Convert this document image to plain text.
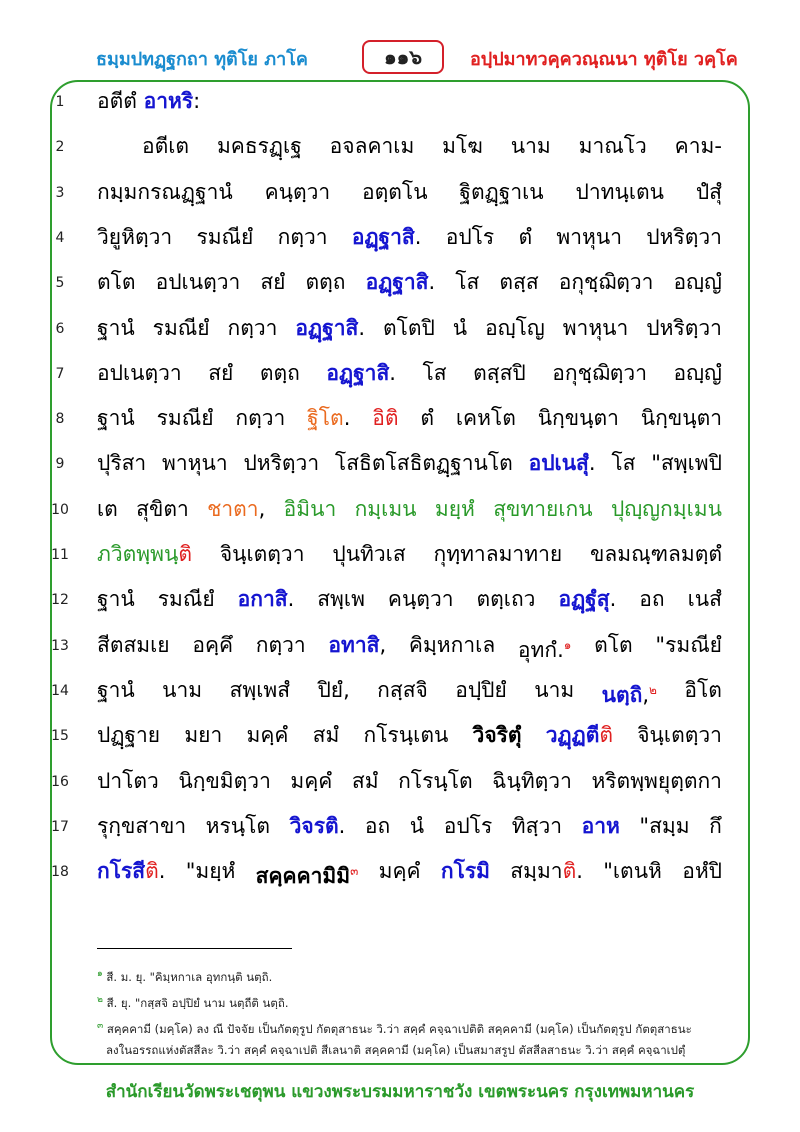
ธมฺมปทฏฺฐกถา ทุติโย ภาโค	๑๑๖	อปฺปมาทวคฺควณฺณนา ทุติโย วคฺโค
1	อตีตํ อาหริ:
2	อตีเต มคธรฏฺเฐ อจลคาเม มโฆ นาม มาณโว คาม-
3	กมฺมกรณฏฺฐานํ คนฺตฺวา อตฺตโน ฐิตฏฺฐาเน ปาทนฺเตน ปํสุํ
4	วิยูหิตฺวา รมณียํ กตฺวา อฏฺฐาสิ. อปโร ตํ พาหุนา ปหริตฺวา
5	ตโต อปเนตฺวา สยํ ตตฺถ อฏฺฐาสิ. โส ตสฺส อกุชฺฌิตฺวา อญฺญํ
6	ฐานํ รมณียํ กตฺวา อฏฺฐาสิ. ตโตปิ นํ อญฺโญ พาหุนา ปหริตฺวา
7	อปเนตฺวา สยํ ตตฺถ อฏฺฐาสิ. โส ตสฺสปิ อกุชฺฌิตฺวา อญฺญํ
8	ฐานํ รมณียํ กตฺวา ฐิโต. อิติ ตํ เคหโต นิกฺขนฺตา นิกฺขนฺตา
9	ปุริสา พาหุนา ปหริตฺวา โสธิตโสธิตฏฺฐานโต อปเนสุํ. โส "สพฺเพปิ
10	เต สุขิตา ชาตา, อิมินา กมฺเมน มยฺหํ สุขทายเกน ปุญฺญกมฺเมน
11	ภวิตพฺพนฺติ จินฺเตตฺวา ปุนทิวเส กุทฺทาลมาทาย ขลมณฺฑลมตฺตํ
12	ฐานํ รมณียํ อกาสิ. สพฺเพ คนฺตฺวา ตตฺเถว อฏฺฐํสุ. อถ เนสํ
13	สีตสมเย อคฺคึ กตฺวา อทาสิ, คิมฺหกาเล อุทกํ.$^๑$ ตโต "รมณียํ
14	ฐานํ นาม สพฺเพสํ ปิยํ, กสฺสจิ อปฺปิยํ นาม นตฺถิ,$^๒$ อิโต
15	ปฏฺฐาย มยา มคฺคํ สมํ กโรนฺเตน วิจริตุํ วฏฺฏตีติ จินฺเตตฺวา
16	ปาโตว นิกฺขมิตฺวา มคฺคํ สมํ กโรนฺโต ฉินฺทิตฺวา หริตพฺพยุตฺตกา
17	รุกฺขสาขา หรนฺโต วิจรติ. อถ นํ อปโร ทิสฺวา อาห "สมฺม กึ
18	กโรสีติ. "มยฺหํ สคฺคคามิมิ$^๓$ มคฺคํ กโรมิ สมฺมาติ. "เตนหิ อหํปิ
$^๑$ สี. ม. ยุ. "คิมฺหกาเล อุทกนฺติ นตฺถิ.
$^๒$ สี. ยุ. "กสฺสจิ อปฺปิยํ นาม นตฺถีติ นตฺถิ.
$^๓$ สคฺคคามี (มคฺโค) ลง ณี ปัจจัย เป็นกัตตุรูป กัตตุสาธนะ วิ.ว่า สคฺคํ คจฺฉาเปติติ สคฺคคามี (มคฺโค) เป็นกัตตุรูป กัตตุสาธนะ
ลงในอรรถแห่งตัสสีละ วิ.ว่า สคฺคํ คจฺฉาเปติ สีเลนาติ สคฺคคามี (มคฺโค) เป็นสมาสรูป ตัสสีลสาธนะ วิ.ว่า สคฺคํ คจฺฉาเปตุํ
สำนักเรียนวัดพระเชตุพน แขวงพระบรมมหาราชวัง เขตพระนคร กรุงเทพมหานคร
